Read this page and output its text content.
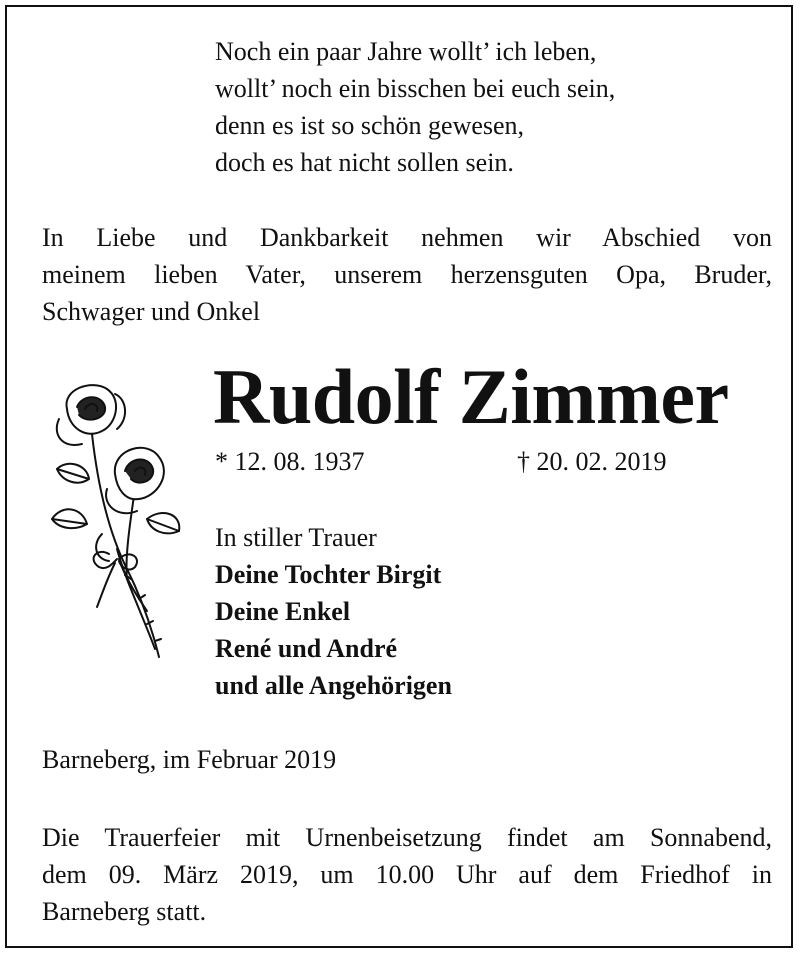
Noch ein paar Jahre wollt’ ich leben,
wollt’ noch ein bisschen bei euch sein,
denn es ist so schön gewesen,
doch es hat nicht sollen sein.
In Liebe und Dankbarkeit nehmen wir Abschied von
meinem lieben Vater, unserem herzensguten Opa, Bruder,
Schwager und Onkel
Rudolf Zimmer
* 12. 08. 1937	† 20. 02. 2019
In stiller Trauer
Deine Tochter Birgit
Deine Enkel
René und André
und alle Angehörigen
Barneberg, im Februar 2019
Die Trauerfeier mit Urnenbeisetzung findet am Sonnabend,
dem 09. März 2019, um 10.00 Uhr auf dem Friedhof in
Barneberg statt.
